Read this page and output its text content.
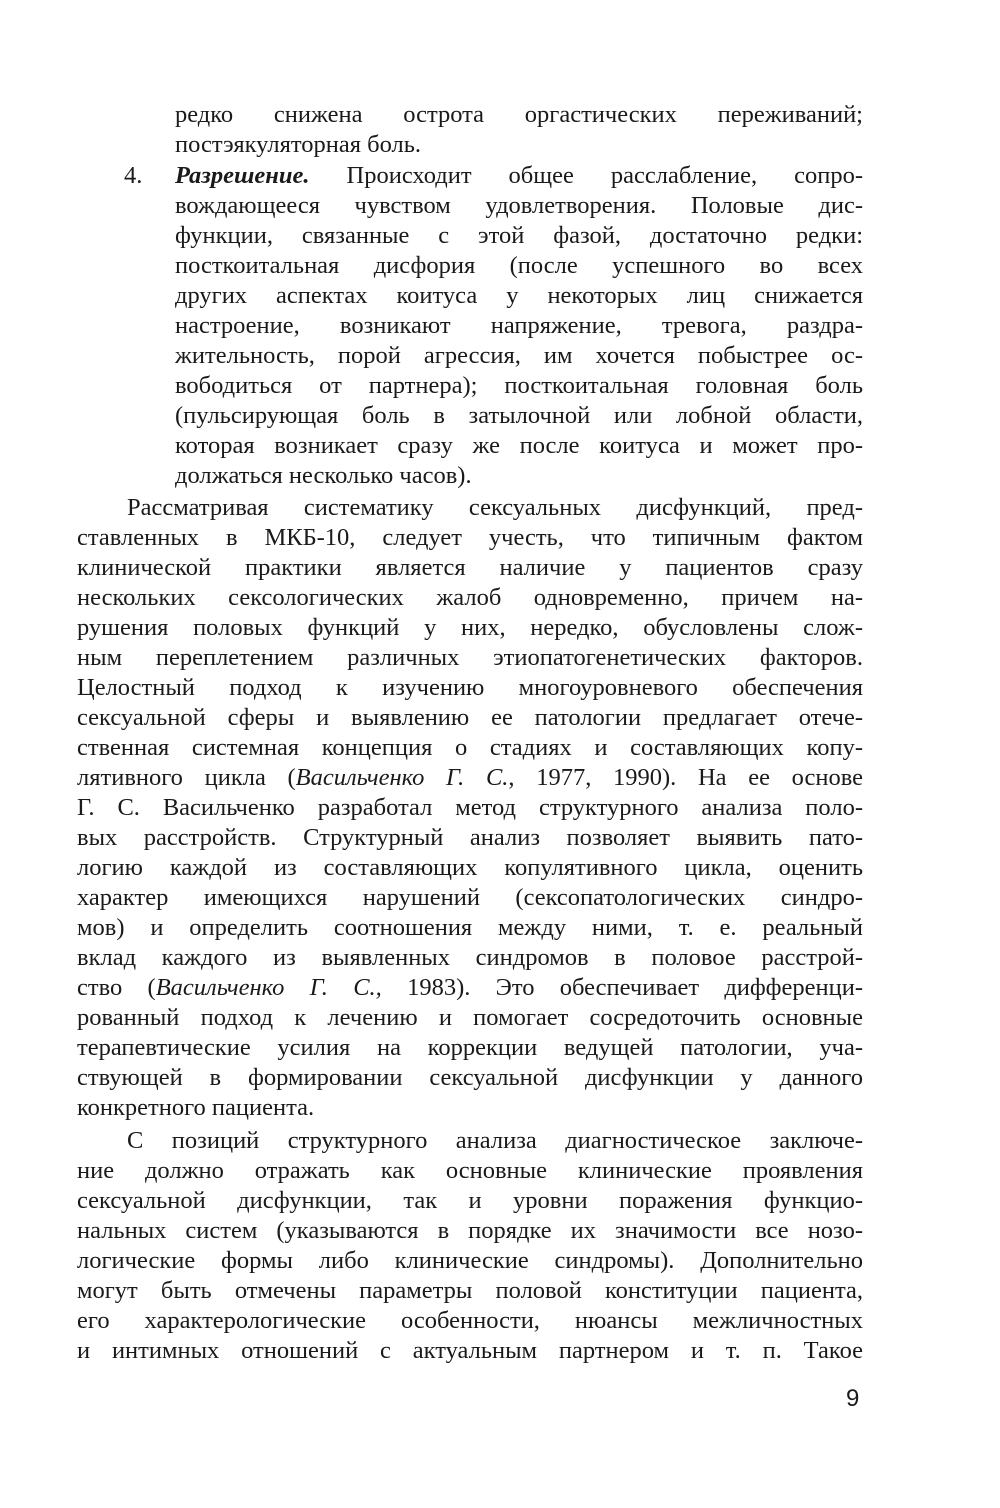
редко снижена острота оргастических переживаний;
постэякуляторная боль.
4. Разрешение. Происходит общее расслабление, сопро-
вождающееся чувством удовлетворения. Половые дис-
функции, связанные с этой фазой, достаточно редки:
посткоитальная дисфория (после успешного во всех
других аспектах коитуса у некоторых лиц снижается
настроение, возникают напряжение, тревога, раздра-
жительность, порой агрессия, им хочется побыстрее ос-
вободиться от партнера); посткоитальная головная боль
(пульсирующая боль в затылочной или лобной области,
которая возникает сразу же после коитуса и может про-
должаться несколько часов).
Рассматривая систематику сексуальных дисфункций, пред-
ставленных в МКБ-10, следует учесть, что типичным фактом
клинической практики является наличие у пациентов сразу
нескольких сексологических жалоб одновременно, причем на-
рушения половых функций у них, нередко, обусловлены слож-
ным переплетением различных этиопатогенетических факторов.
Целостный подход к изучению многоуровневого обеспечения
сексуальной сферы и выявлению ее патологии предлагает отече-
ственная системная концепция о стадиях и составляющих копу-
лятивного цикла (Васильченко Г. С., 1977, 1990). На ее основе
Г. С. Васильченко разработал метод структурного анализа поло-
вых расстройств. Структурный анализ позволяет выявить пато-
логию каждой из составляющих копулятивного цикла, оценить
характер имеющихся нарушений (сексопатологических синдро-
мов) и определить соотношения между ними, т. е. реальный
вклад каждого из выявленных синдромов в половое расстрой-
ство (Васильченко Г. С., 1983). Это обеспечивает дифференци-
рованный подход к лечению и помогает сосредоточить основные
терапевтические усилия на коррекции ведущей патологии, уча-
ствующей в формировании сексуальной дисфункции у данного
конкретного пациента.
С позиций структурного анализа диагностическое заключе-
ние должно отражать как основные клинические проявления
сексуальной дисфункции, так и уровни поражения функцио-
нальных систем (указываются в порядке их значимости все нозо-
логические формы либо клинические синдромы). Дополнительно
могут быть отмечены параметры половой конституции пациента,
его характерологические особенности, нюансы межличностных
и интимных отношений с актуальным партнером и т. п. Такое
9
